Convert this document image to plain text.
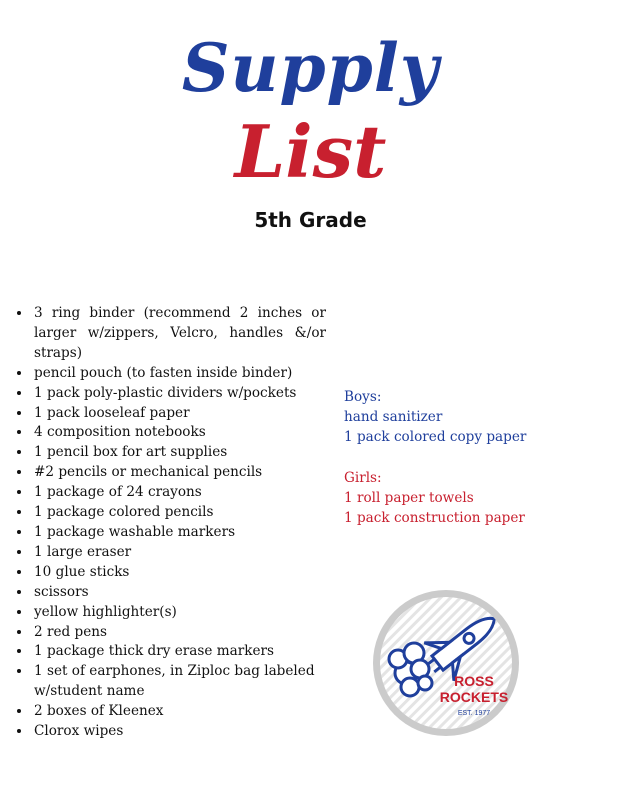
Supply
List
5th Grade
• 3 ring binder (recommend 2 inches or larger w/zippers, Velcro, handles &/or straps)
• pencil pouch (to fasten inside binder)
• 1 pack poly-plastic dividers w/pockets
• 1 pack looseleaf paper
• 4 composition notebooks
• 1 pencil box for art supplies
• #2 pencils or mechanical pencils
• 1 package of 24 crayons
• 1 package colored pencils
• 1 package washable markers
• 1 large eraser
• 10 glue sticks
• scissors
• yellow highlighter(s)
• 2 red pens
• 1 package thick dry erase markers
• 1 set of earphones, in Ziploc bag labeled w/student name
• 2 boxes of Kleenex
• Clorox wipes
Boys:
hand sanitizer
1 pack colored copy paper
Girls:
1 roll paper towels
1 pack construction paper
ROSS
ROCKETS
EST. 1977
